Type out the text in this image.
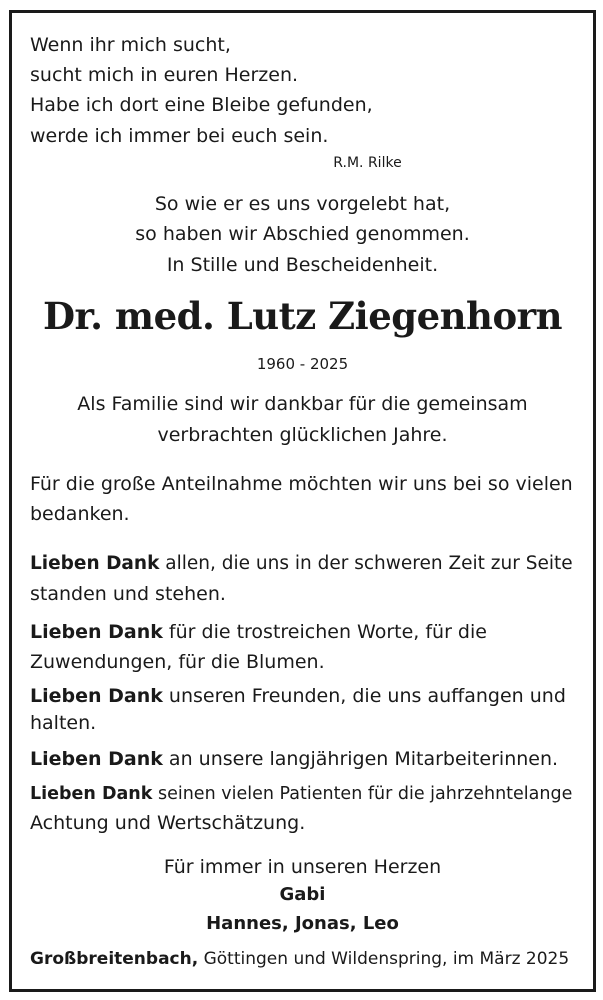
Wenn ihr mich sucht,
sucht mich in euren Herzen.
Habe ich dort eine Bleibe gefunden,
werde ich immer bei euch sein.
R.M. Rilke
So wie er es uns vorgelebt hat,
so haben wir Abschied genommen.
In Stille und Bescheidenheit.
Dr. med. Lutz Ziegenhorn
1960 - 2025
Als Familie sind wir dankbar für die gemeinsam
verbrachten glücklichen Jahre.
Für die große Anteilnahme möchten wir uns bei so vielen
bedanken.
Lieben Dank allen, die uns in der schweren Zeit zur Seite
standen und stehen.
Lieben Dank für die trostreichen Worte, für die
Zuwendungen, für die Blumen.
Lieben Dank unseren Freunden, die uns auffangen und
halten.
Lieben Dank an unsere langjährigen Mitarbeiterinnen.
Lieben Dank seinen vielen Patienten für die jahrzehntelange
Achtung und Wertschätzung.
Für immer in unseren Herzen
Gabi
Hannes, Jonas, Leo
Großbreitenbach, Göttingen und Wildenspring, im März 2025
